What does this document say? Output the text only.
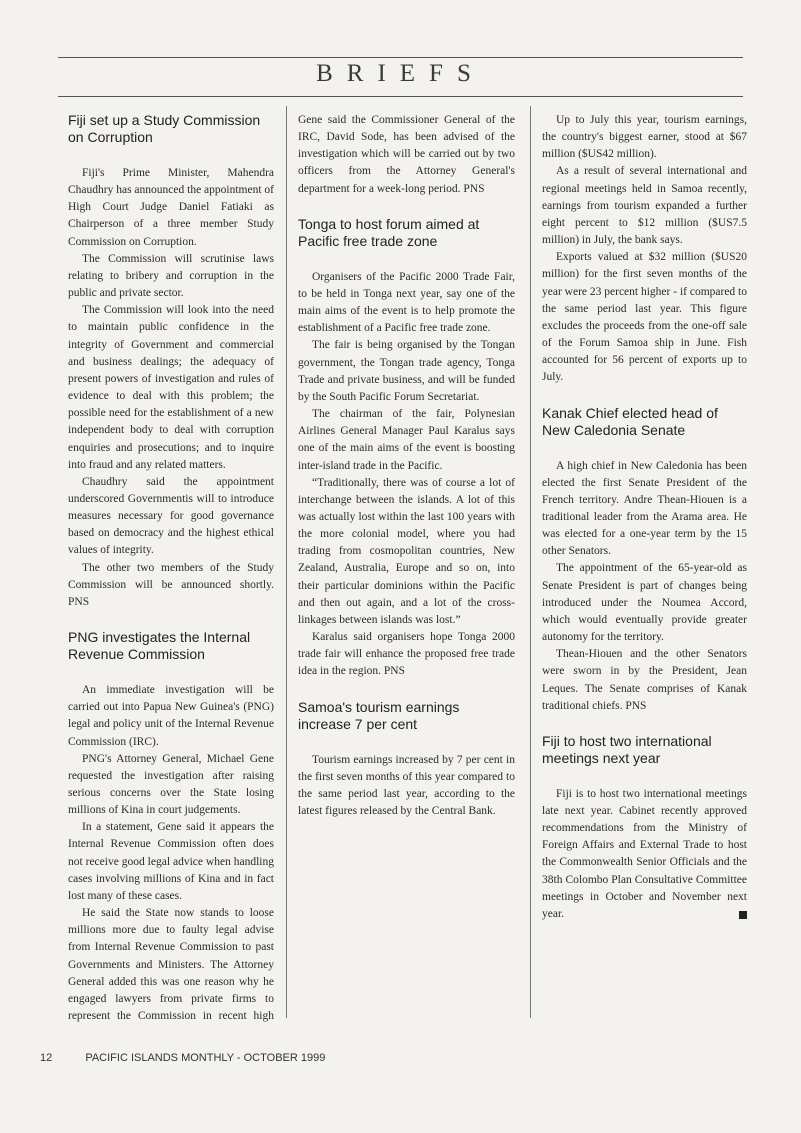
BRIEFS
Fiji set up a Study Commission on Corruption

Fiji's Prime Minister, Mahendra Chaudhry has announced the appointment of High Court Judge Daniel Fatiaki as Chairperson of a three member Study Commission on Corruption.

The Commission will scrutinise laws relating to bribery and corruption in the public and private sector.

The Commission will look into the need to maintain public confidence in the integrity of Government and commercial and business dealings; the adequacy of present powers of investigation and rules of evidence to deal with this problem; the possible need for the establishment of a new independent body to deal with corruption enquiries and prosecutions; and to inquire into fraud and any related matters.

Chaudhry said the appointment underscored Governmentis will to introduce measures necessary for good governance based on democracy and the highest ethical values of integrity.

The other two members of the Study Commission will be announced shortly. PNS

PNG investigates the Internal Revenue Commission

An immediate investigation will be carried out into Papua New Guinea's (PNG) legal and policy unit of the Internal Revenue Commission (IRC).

PNG's Attorney General, Michael Gene requested the investigation after raising serious concerns over the State losing millions of Kina in court judgements.

In a statement, Gene said it appears the Internal Revenue Commission often does not receive good legal advice when handling cases involving millions of Kina and in fact lost many of these cases.

He said the State now stands to loose millions more due to faulty legal advise from Internal Revenue Commission to past Governments and Ministers. The Attorney General added this was one reason why he engaged lawyers from private firms to represent the Commission in recent high

Gene said the Commissioner General of the IRC, David Sode, has been advised of the investigation which will be carried out by two officers from the Attorney General's department for a week-long period. PNS

Tonga to host forum aimed at Pacific free trade zone

Organisers of the Pacific 2000 Trade Fair, to be held in Tonga next year, say one of the main aims of the event is to help promote the establishment of a Pacific free trade zone.

The fair is being organised by the Tongan government, the Tongan trade agency, Tonga Trade and private business, and will be funded by the South Pacific Forum Secretariat.

The chairman of the fair, Polynesian Airlines General Manager Paul Karalus says one of the main aims of the event is boosting inter-island trade in the Pacific.

“Traditionally, there was of course a lot of interchange between the islands. A lot of this was actually lost within the last 100 years with the more colonial model, where you had trading from cosmopolitan countries, New Zealand, Australia, Europe and so on, into their particular dominions within the Pacific and then out again, and a lot of the cross-linkages between islands was lost.”

Karalus said organisers hope Tonga 2000 trade fair will enhance the proposed free trade idea in the region. PNS

Samoa's tourism earnings increase 7 per cent

Tourism earnings increased by 7 per cent in the first seven months of this year compared to the same period last year, according to the latest figures released by the Central Bank.

Up to July this year, tourism earnings, the country's biggest earner, stood at $67 million ($US42 million).

As a result of several international and regional meetings held in Samoa recently, earnings from tourism expanded a further eight percent to $12 million ($US7.5 million) in July, the bank says.

Exports valued at $32 million ($US20 million) for the first seven months of the year were 23 percent higher - if compared to the same period last year. This figure excludes the proceeds from the one-off sale of the Forum Samoa ship in June. Fish accounted for 56 percent of exports up to July.

Kanak Chief elected head of New Caledonia Senate

A high chief in New Caledonia has been elected the first Senate President of the French territory. Andre Thean-Hiouen is a traditional leader from the Arama area. He was elected for a one-year term by the 15 other Senators.

The appointment of the 65-year-old as Senate President is part of changes being introduced under the Noumea Accord, which would eventually provide greater autonomy for the territory.

Thean-Hiouen and the other Senators were sworn in by the President, Jean Leques. The Senate comprises of Kanak traditional chiefs. PNS

Fiji to host two international meetings next year

Fiji is to host two international meetings late next year. Cabinet recently approved recommendations from the Ministry of Foreign Affairs and External Trade to host the Commonwealth Senior Officials and the 38th Colombo Plan Consultative Committee meetings in October and November next year.

12	PACIFIC ISLANDS MONTHLY - OCTOBER 1999
